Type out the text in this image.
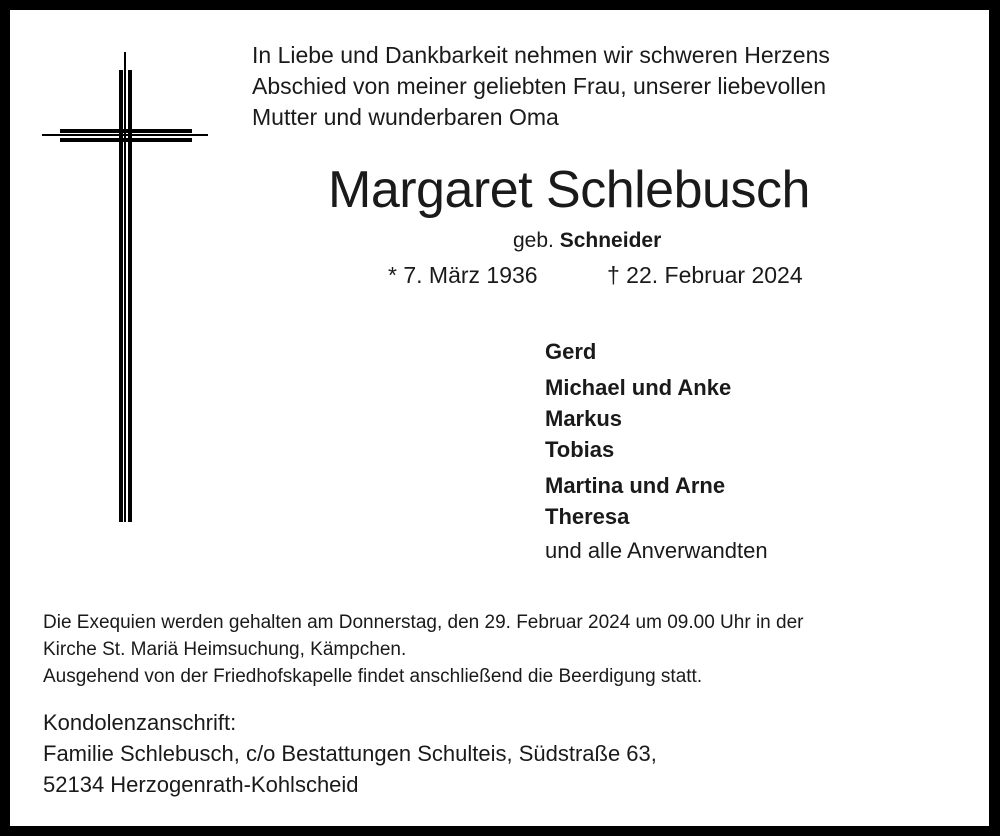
In Liebe und Dankbarkeit nehmen wir schweren Herzens
Abschied von meiner geliebten Frau, unserer liebevollen
Mutter und wunderbaren Oma
Margaret Schlebusch
geb. Schneider
* 7. März 1936	† 22. Februar 2024
Gerd
Michael und Anke
Markus
Tobias
Martina und Arne
Theresa
und alle Anverwandten
Die Exequien werden gehalten am Donnerstag, den 29. Februar 2024 um 09.00 Uhr in der
Kirche St. Mariä Heimsuchung, Kämpchen.
Ausgehend von der Friedhofskapelle findet anschließend die Beerdigung statt.
Kondolenzanschrift:
Familie Schlebusch, c/o Bestattungen Schulteis, Südstraße 63,
52134 Herzogenrath-Kohlscheid
